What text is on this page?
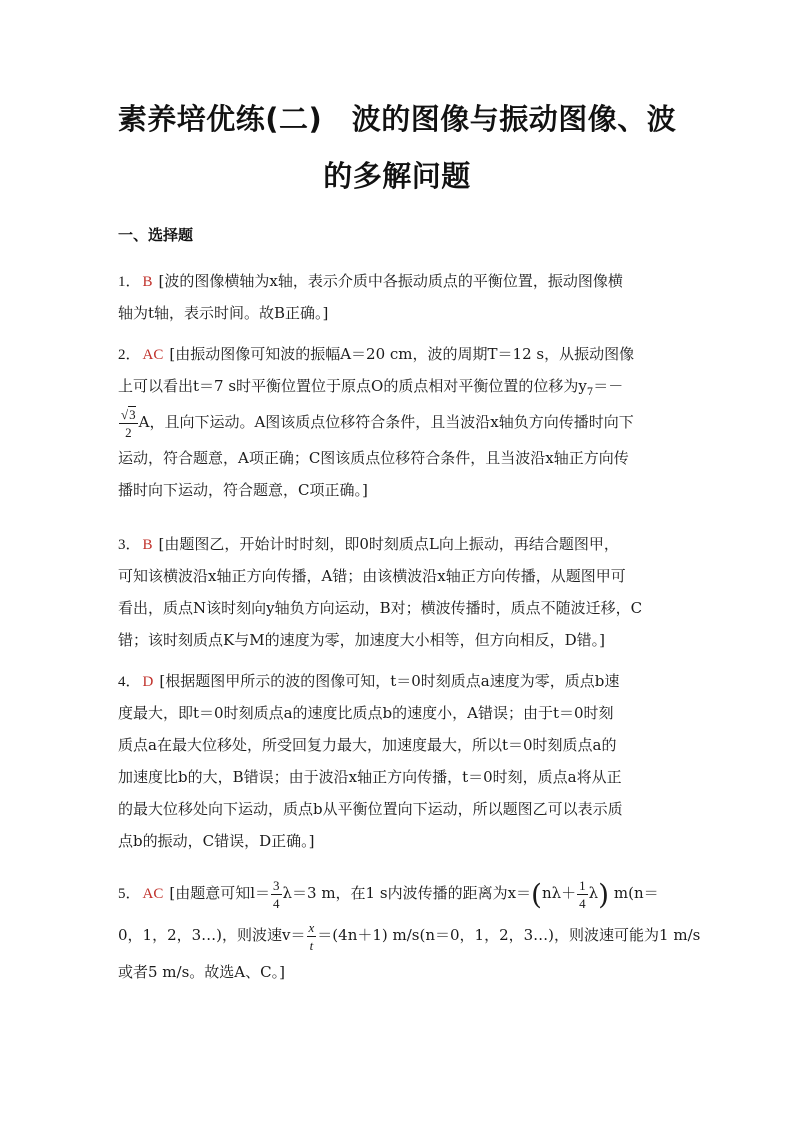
素养培优练(二)　波的图像与振动图像、波
的多解问题
一、选择题
1． B [波的图像横轴为x轴，表示介质中各振动质点的平衡位置，振动图像横
轴为t轴，表示时间。故B正确。]
2． AC [由振动图像可知波的振幅A＝20 cm，波的周期T＝12 s，从振动图像
上可以看出t＝7 s时平衡位置位于原点O的质点相对平衡位置的位移为$y_7=-$
$\frac{√3}{2}$ A，且向下运动。A图该质点位移符合条件，且当波沿x轴负方向传播时向下
运动，符合题意，A项正确；C图该质点位移符合条件，且当波沿x轴正方向传
播时向下运动，符合题意，C项正确。]
3． B [由题图乙，开始计时时刻，即0时刻质点L向上振动，再结合题图甲，
可知该横波沿x轴正方向传播，A错；由该横波沿x轴正方向传播，从题图甲可
看出，质点N该时刻向y轴负方向运动，B对；横波传播时，质点不随波迁移，C
错；该时刻质点K与M的速度为零，加速度大小相等，但方向相反，D错。]
4． D [根据题图甲所示的波的图像可知，t＝0时刻质点a速度为零，质点b速
度最大，即t＝0时刻质点a的速度比质点b的速度小，A错误；由于t＝0时刻
质点a在最大位移处，所受回复力最大，加速度最大，所以t＝0时刻质点a的
加速度比b的大，B错误；由于波沿x轴正方向传播，t＝0时刻，质点a将从正
的最大位移处向下运动，质点b从平衡位置向下运动，所以题图乙可以表示质
点b的振动，C错误，D正确。]
5． AC [由题意可知$l= \frac{3}{4} \lambda=3$ m，在1 s内波传播的距离为$x=(n\lambda+ \frac{1}{4} \lambda)$ m(n＝
0，1，2，3…)，则波速$v= \frac{x}{t} =(4n+1)$ m/s(n＝0，1，2，3…)，则波速可能为1 m/s
或者5 m/s。故选A、C。]
